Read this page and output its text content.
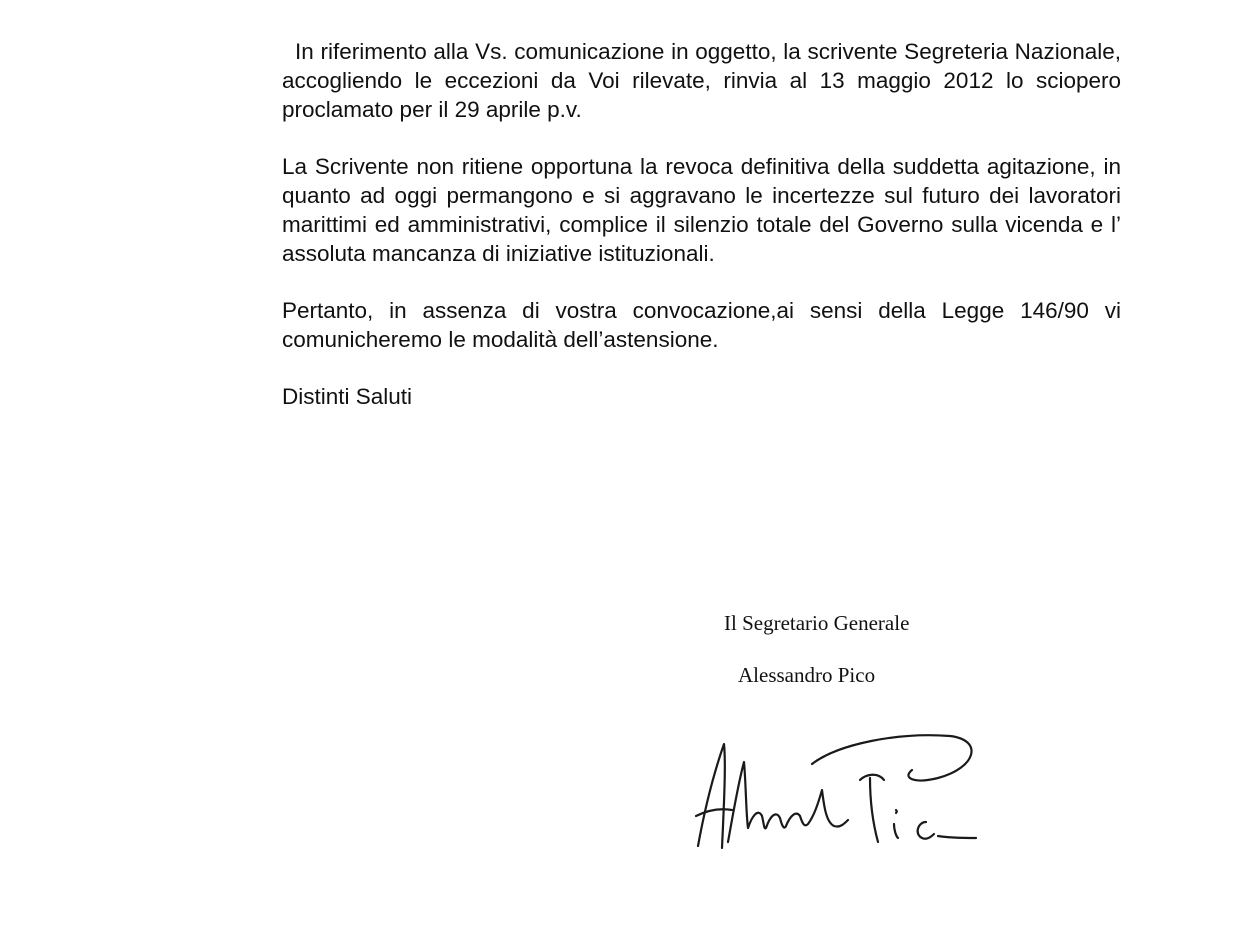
In riferimento alla Vs. comunicazione in oggetto, la scrivente Segreteria Nazionale, accogliendo le eccezioni da Voi rilevate, rinvia al 13 maggio 2012 lo sciopero proclamato per il 29 aprile p.v.

La Scrivente non ritiene opportuna la revoca definitiva della suddetta agitazione, in quanto ad oggi permangono e si aggravano le incertezze sul futuro dei lavoratori marittimi ed amministrativi, complice il silenzio totale del Governo sulla vicenda e l’ assoluta mancanza di iniziative istituzionali.

Pertanto, in assenza di vostra convocazione,ai sensi della Legge 146/90 vi comunicheremo le modalità dell’astensione.

Distinti Saluti

Il Segretario Generale
Alessandro Pico
